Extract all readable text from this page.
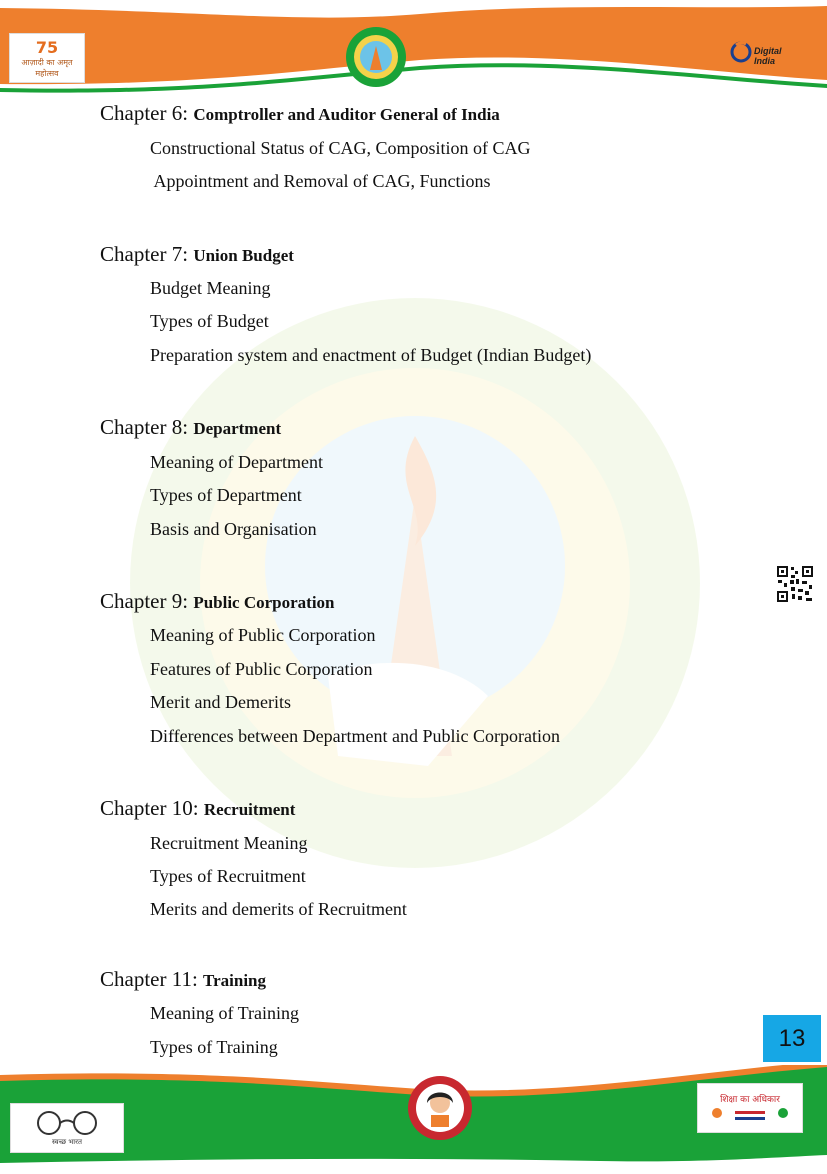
75
आज़ादी का अमृत महोत्सव
Digital India
Chapter 6: Comptroller and Auditor General of India
Constructional Status of CAG, Composition of CAG
Appointment and Removal of CAG, Functions
Chapter 7: Union Budget
Budget Meaning
Types of Budget
Preparation system and enactment of Budget (Indian Budget)
Chapter 8: Department
Meaning of Department
Types of Department
Basis and Organisation
Chapter 9: Public Corporation
Meaning of Public Corporation
Features of Public Corporation
Merit and Demerits
Differences between Department and Public Corporation
Chapter 10: Recruitment
Recruitment Meaning
Types of Recruitment
Merits and demerits of Recruitment
Chapter 11: Training
Meaning of Training
Types of Training	13
स्वच्छ भारत
शिक्षा का अधिकार
